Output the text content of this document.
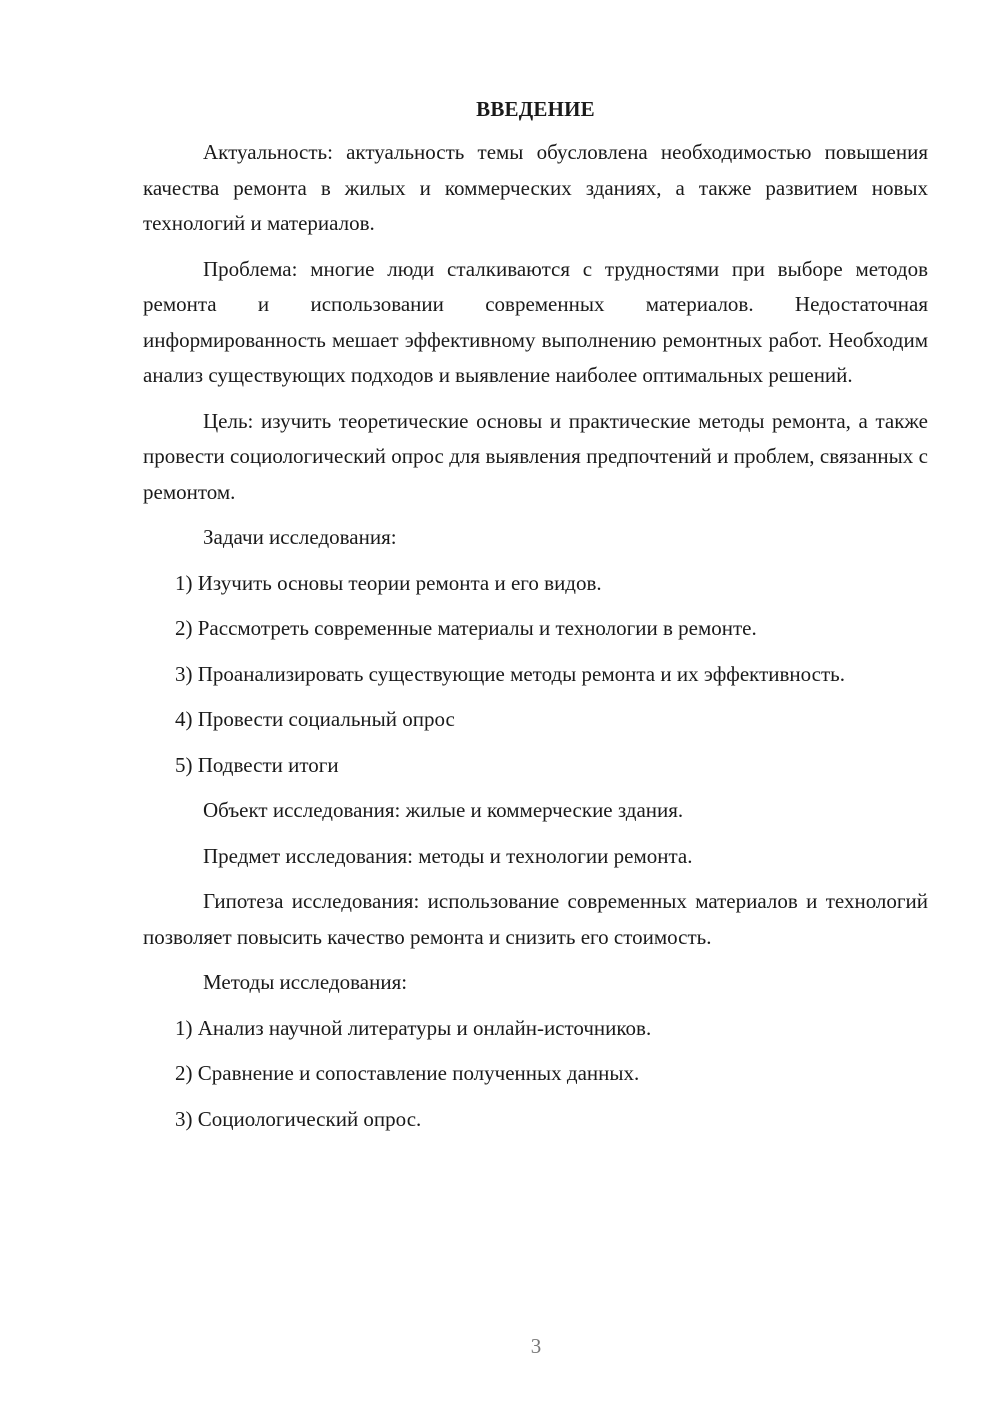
ВВЕДЕНИЕ
Актуальность: актуальность темы обусловлена необходимостью повышения качества ремонта в жилых и коммерческих зданиях, а также развитием новых технологий и материалов.
Проблема: многие люди сталкиваются с трудностями при выборе методов ремонта и использовании современных материалов. Недостаточная информированность мешает эффективному выполнению ремонтных работ. Необходим анализ существующих подходов и выявление наиболее оптимальных решений.
Цель: изучить теоретические основы и практические методы ремонта, а также провести социологический опрос для выявления предпочтений и проблем, связанных с ремонтом.
Задачи исследования:
1) Изучить основы теории ремонта и его видов.
2) Рассмотреть современные материалы и технологии в ремонте.
3) Проанализировать существующие методы ремонта и их эффективность.
4) Провести социальный опрос
5) Подвести итоги
Объект исследования: жилые и коммерческие здания.
Предмет исследования: методы и технологии ремонта.
Гипотеза исследования: использование современных материалов и технологий позволяет повысить качество ремонта и снизить его стоимость.
Методы исследования:
1) Анализ научной литературы и онлайн-источников.
2) Сравнение и сопоставление полученных данных.
3) Социологический опрос.
3
